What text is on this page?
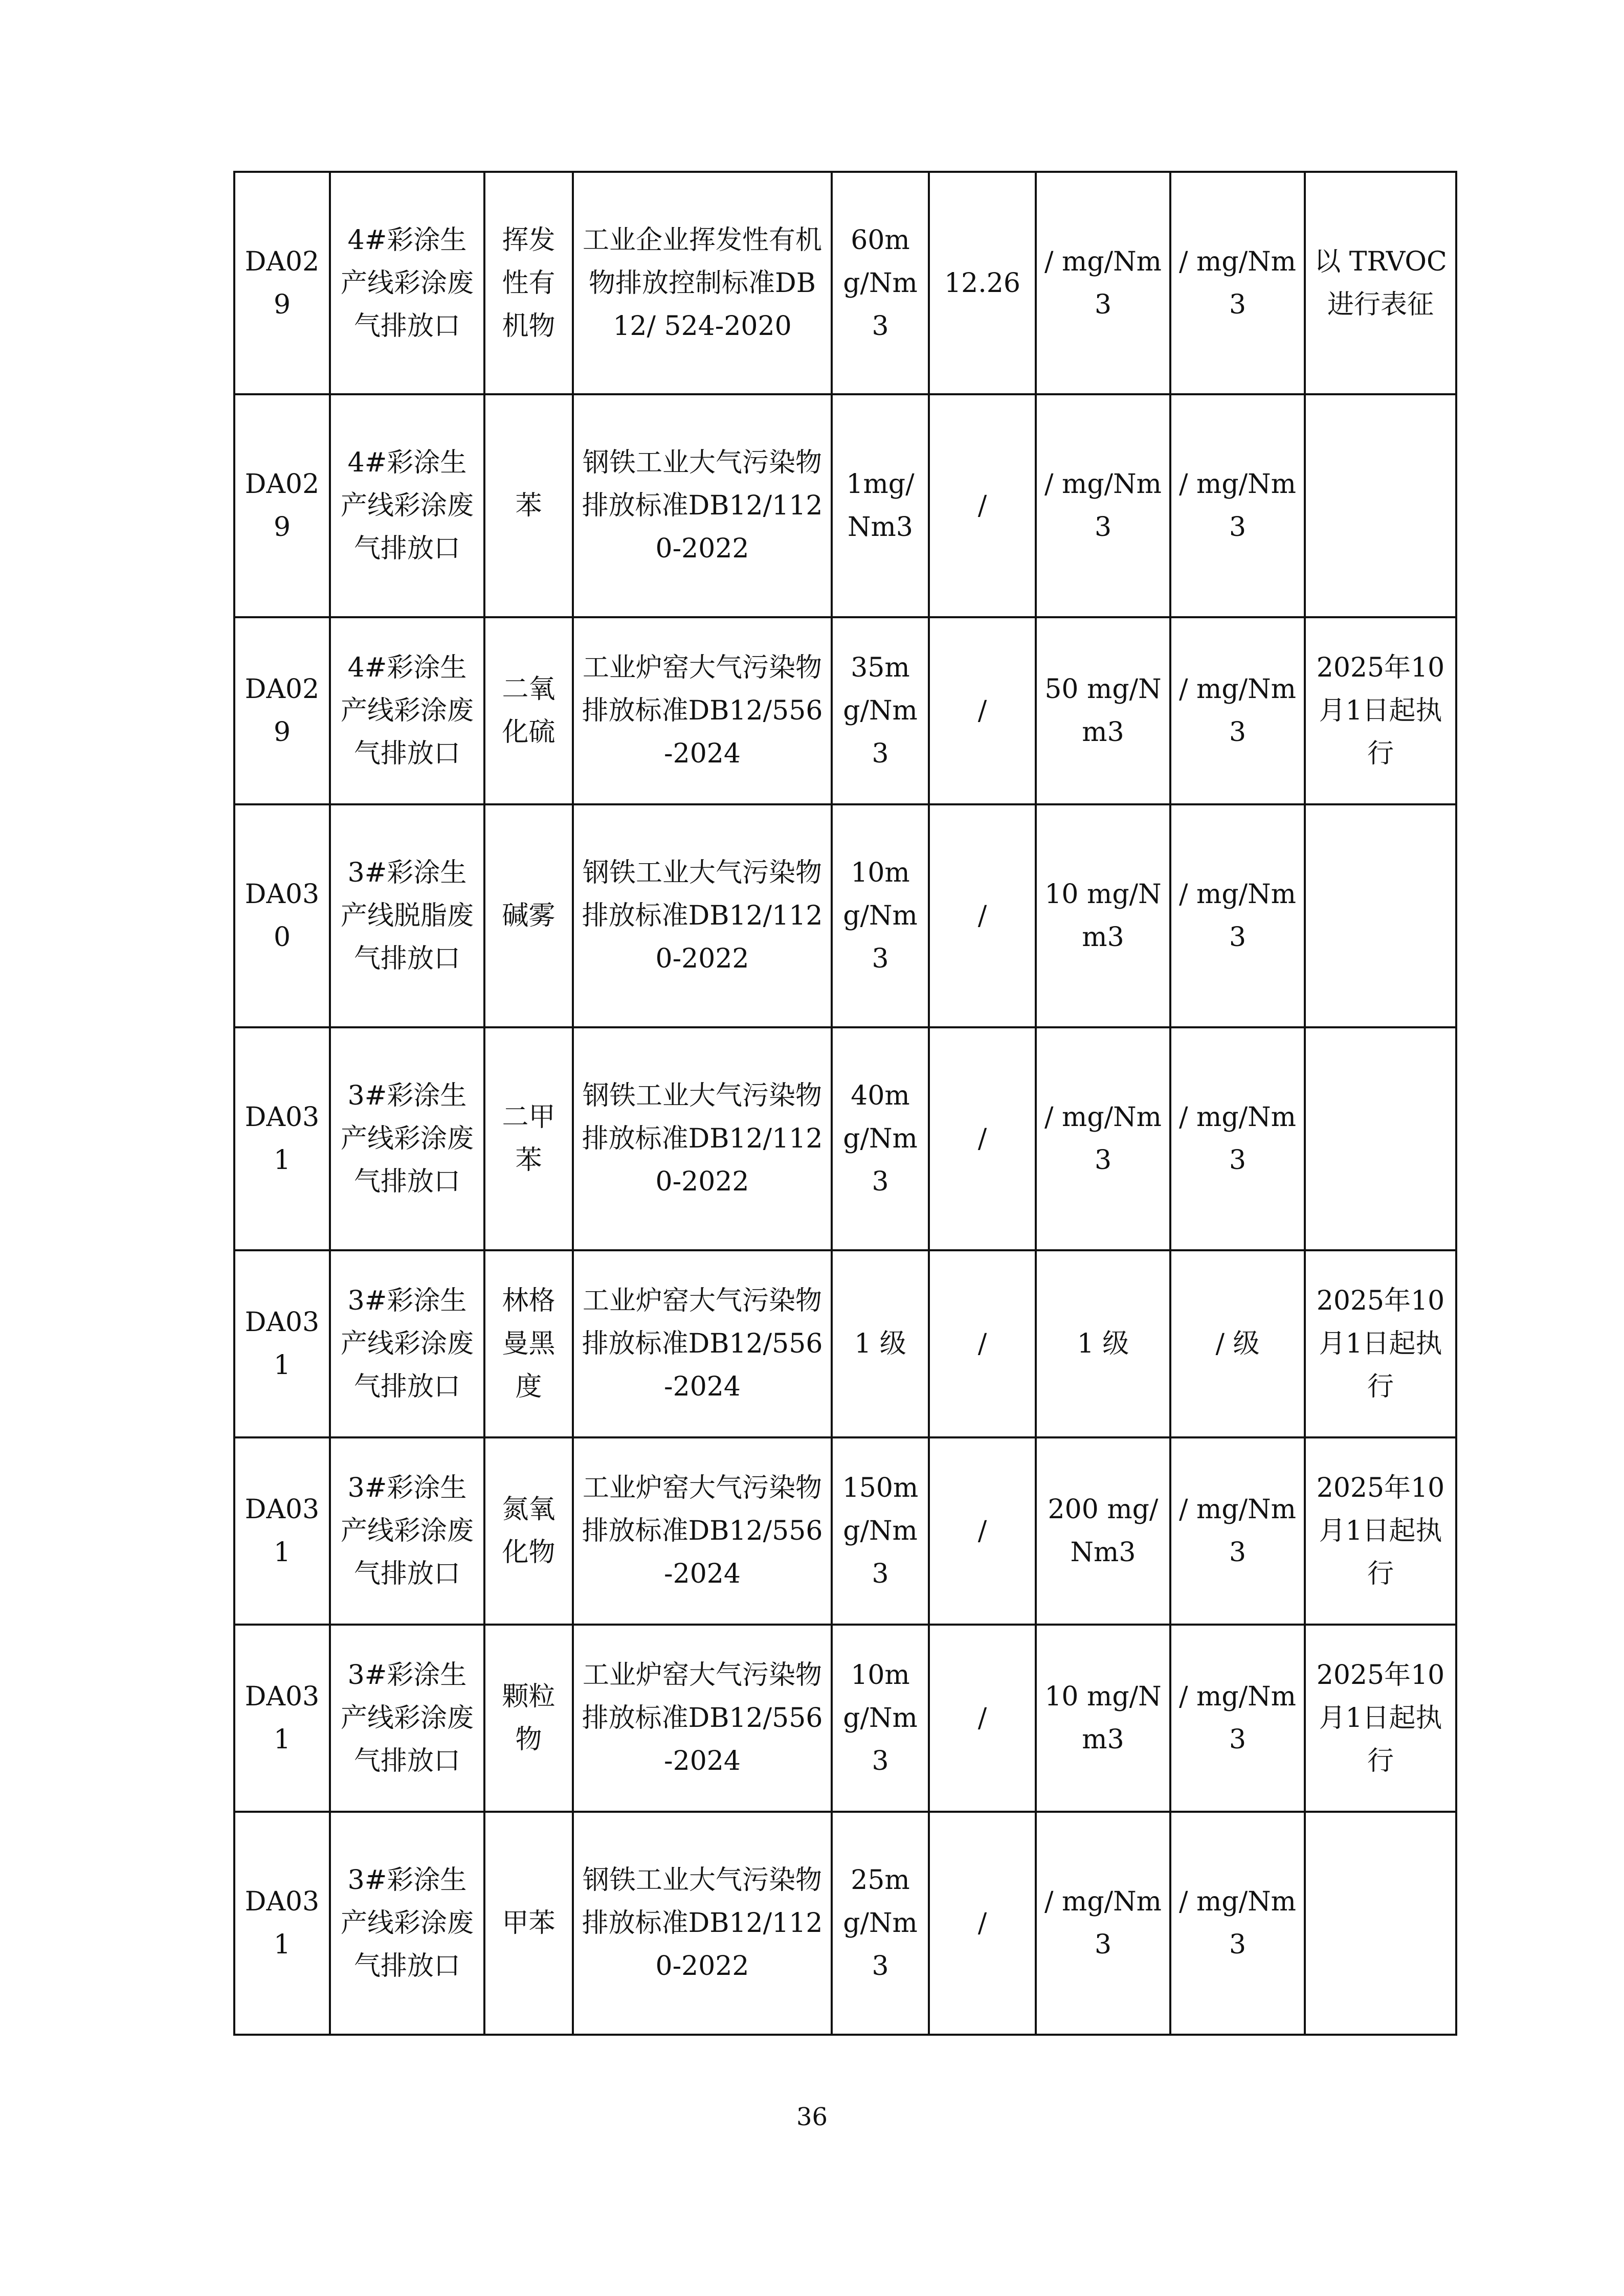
DA029	4#彩涂生产线彩涂废气排放口	挥发性有机物	工业企业挥发性有机物排放控制标准DB12/ 524-2020	60mg/Nm3	12.26	/ mg/Nm3	/ mg/Nm3	以 TRVOC 进行表征
DA029	4#彩涂生产线彩涂废气排放口	苯	钢铁工业大气污染物排放标准DB12/1120-2022	1mg/Nm3	/	/ mg/Nm3	/ mg/Nm3	
DA029	4#彩涂生产线彩涂废气排放口	二氧化硫	工业炉窑大气污染物排放标准DB12/556-2024	35mg/Nm3	/	50 mg/Nm3	/ mg/Nm3	2025年10月1日起执行
DA030	3#彩涂生产线脱脂废气排放口	碱雾	钢铁工业大气污染物排放标准DB12/1120-2022	10mg/Nm3	/	10 mg/Nm3	/ mg/Nm3	
DA031	3#彩涂生产线彩涂废气排放口	二甲苯	钢铁工业大气污染物排放标准DB12/1120-2022	40mg/Nm3	/	/ mg/Nm3	/ mg/Nm3	
DA031	3#彩涂生产线彩涂废气排放口	林格曼黑度	工业炉窑大气污染物排放标准DB12/556-2024	1 级	/	1 级	/ 级	2025年10月1日起执行
DA031	3#彩涂生产线彩涂废气排放口	氮氧化物	工业炉窑大气污染物排放标准DB12/556-2024	150mg/Nm3	/	200 mg/Nm3	/ mg/Nm3	2025年10月1日起执行
DA031	3#彩涂生产线彩涂废气排放口	颗粒物	工业炉窑大气污染物排放标准DB12/556-2024	10mg/Nm3	/	10 mg/Nm3	/ mg/Nm3	2025年10月1日起执行
DA031	3#彩涂生产线彩涂废气排放口	甲苯	钢铁工业大气污染物排放标准DB12/1120-2022	25mg/Nm3	/	/ mg/Nm3	/ mg/Nm3	
36
